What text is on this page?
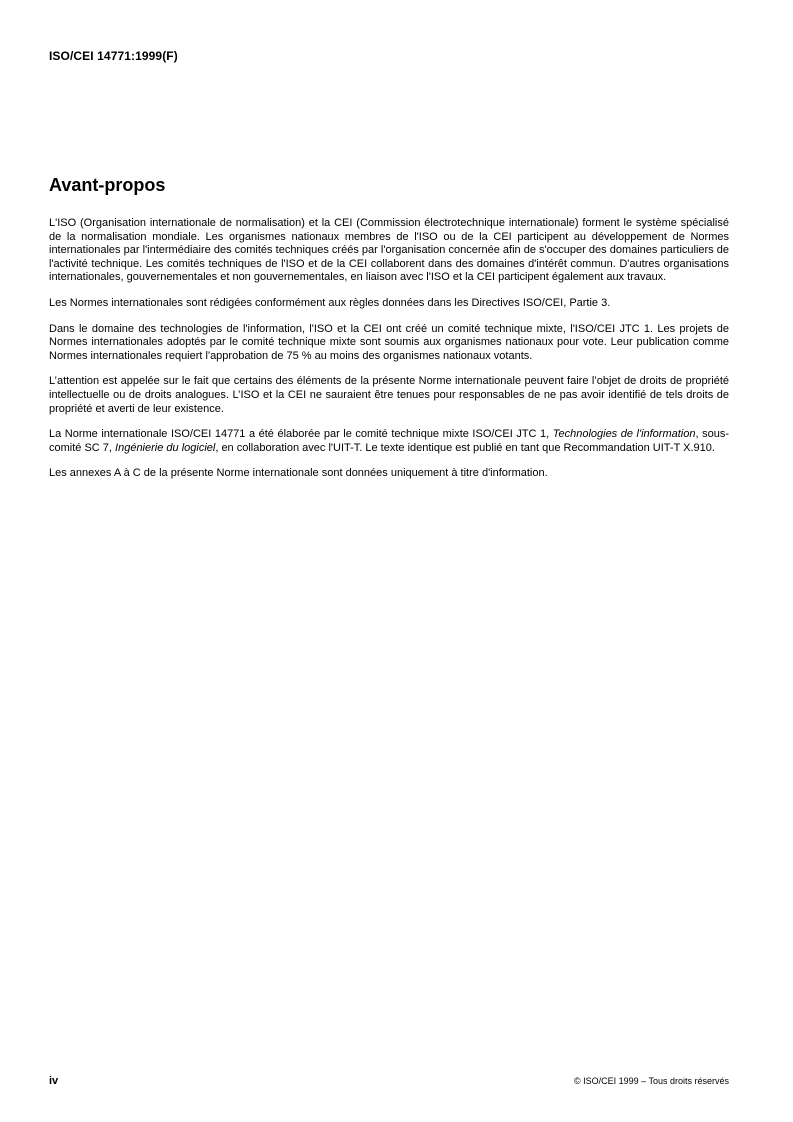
ISO/CEI 14771:1999(F)
Avant-propos

L'ISO (Organisation internationale de normalisation) et la CEI (Commission électrotechnique internationale) forment le système spécialisé de la normalisation mondiale. Les organismes nationaux membres de l'ISO ou de la CEI participent au développement de Normes internationales par l'intermédiaire des comités techniques créés par l'organisation concernée afin de s'occuper des domaines particuliers de l'activité technique. Les comités techniques de l'ISO et de la CEI collaborent dans des domaines d'intérêt commun. D'autres organisations internationales, gouvernementales et non gouvernementales, en liaison avec l'ISO et la CEI participent également aux travaux.

Les Normes internationales sont rédigées conformément aux règles données dans les Directives ISO/CEI, Partie 3.

Dans le domaine des technologies de l'information, l'ISO et la CEI ont créé un comité technique mixte, l'ISO/CEI JTC 1. Les projets de Normes internationales adoptés par le comité technique mixte sont soumis aux organismes nationaux pour vote. Leur publication comme Normes internationales requiert l'approbation de 75 % au moins des organismes nationaux votants.

L’attention est appelée sur le fait que certains des éléments de la présente Norme internationale peuvent faire l’objet de droits de propriété intellectuelle ou de droits analogues. L’ISO et la CEI ne sauraient être tenues pour responsables de ne pas avoir identifié de tels droits de propriété et averti de leur existence.

La Norme internationale ISO/CEI 14771 a été élaborée par le comité technique mixte ISO/CEI JTC 1, Technologies de l'information, sous-comité SC 7, Ingénierie du logiciel, en collaboration avec l'UIT-T. Le texte identique est publié en tant que Recommandation UIT-T X.910.

Les annexes A à C de la présente Norme internationale sont données uniquement à titre d'information.

iv	© ISO/CEI 1999 – Tous droits réservés
